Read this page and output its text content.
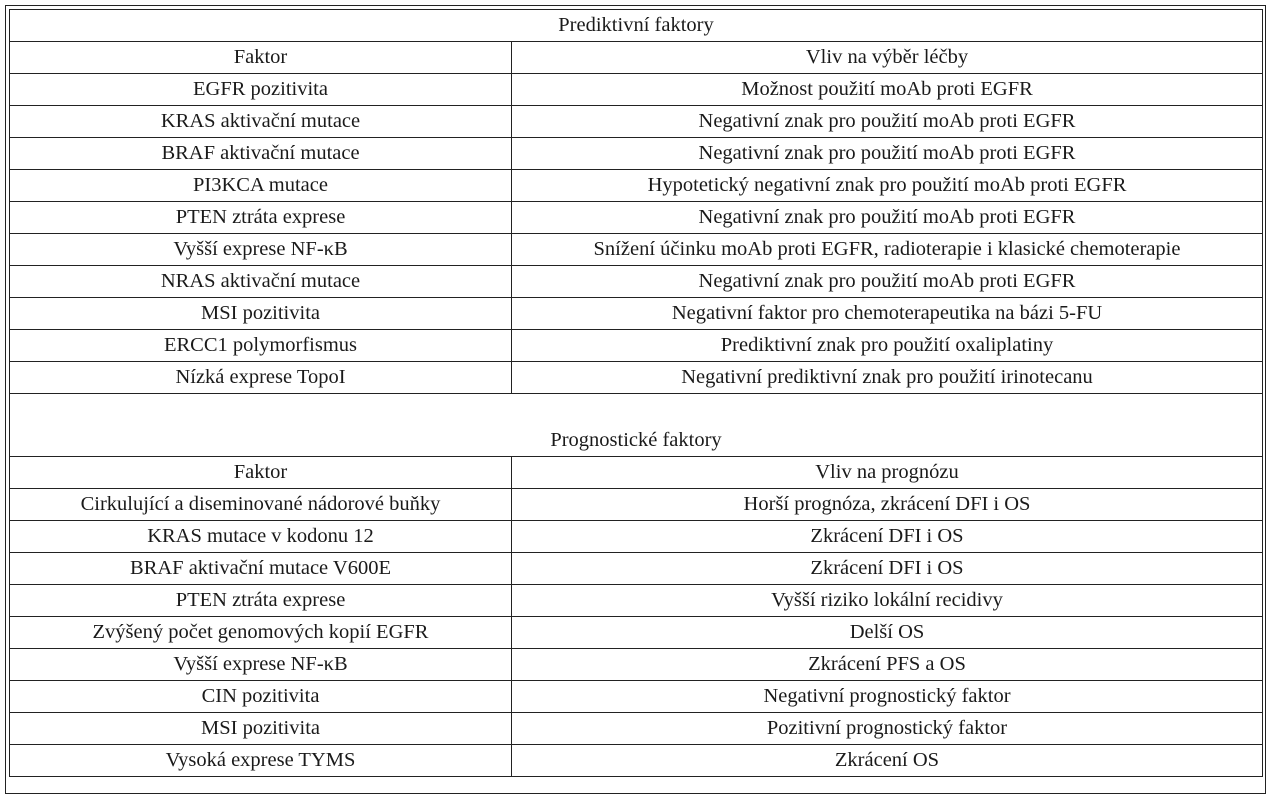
Prediktivní faktory	
Faktor	Vliv na výběr léčby
EGFR pozitivita	Možnost použití moAb proti EGFR
KRAS aktivační mutace	Negativní znak pro použití moAb proti EGFR
BRAF aktivační mutace	Negativní znak pro použití moAb proti EGFR
PI3KCA mutace	Hypotetický negativní znak pro použití moAb proti EGFR
PTEN ztráta exprese	Negativní znak pro použití moAb proti EGFR
Vyšší exprese NF-κB	Snížení účinku moAb proti EGFR, radioterapie i klasické chemoterapie
NRAS aktivační mutace	Negativní znak pro použití moAb proti EGFR
MSI pozitivita	Negativní faktor pro chemoterapeutika na bázi 5-FU
ERCC1 polymorfismus	Prediktivní znak pro použití oxaliplatiny
Nízká exprese TopoI	Negativní prediktivní znak pro použití irinotecanu

Prognostické faktory	
Faktor	Vliv na prognózu
Cirkulující a diseminované nádorové buňky	Horší prognóza, zkrácení DFI i OS
KRAS mutace v kodonu 12	Zkrácení DFI i OS
BRAF aktivační mutace V600E	Zkrácení DFI i OS
PTEN ztráta exprese	Vyšší riziko lokální recidivy
Zvýšený počet genomových kopií EGFR	Delší OS
Vyšší exprese NF-κB	Zkrácení PFS a OS
CIN pozitivita	Negativní prognostický faktor
MSI pozitivita	Pozitivní prognostický faktor
Vysoká exprese TYMS	Zkrácení OS
